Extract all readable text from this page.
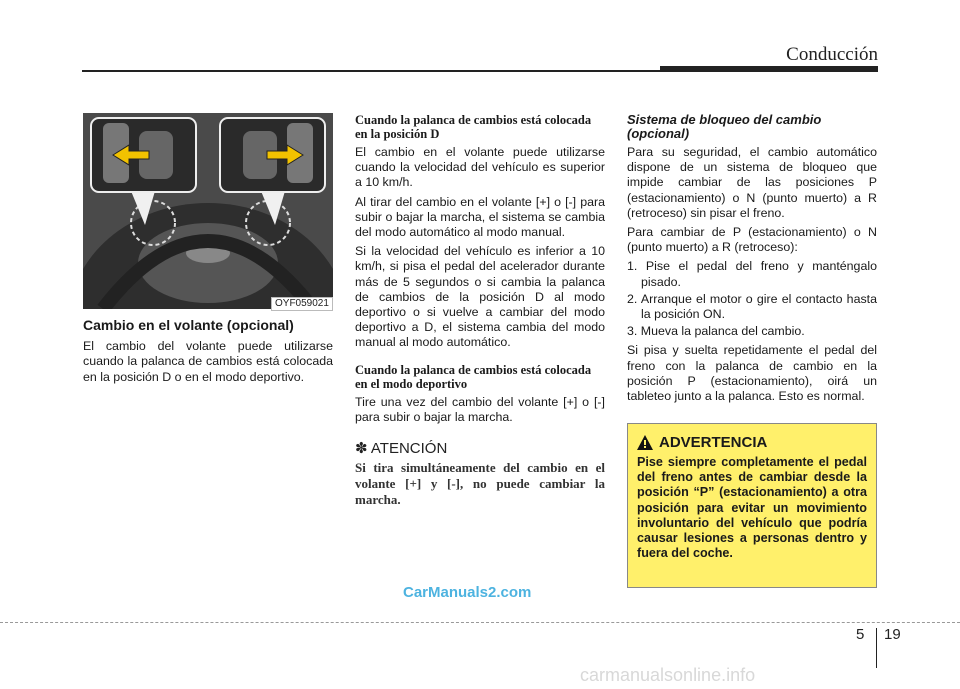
Conducción
OYF059021
Cambio en el volante (opcional)

El cambio del volante puede utilizarse cuando la palanca de cambios está colocada en la posición D o en el modo deportivo.

Cuando la palanca de cambios está colocada en la posición D

El cambio en el volante puede utilizarse cuando la velocidad del vehículo es superior a 10 km/h.

Al tirar del cambio en el volante [+] o [-] para subir o bajar la marcha, el sistema se cambia del modo automático al modo manual.

Si la velocidad del vehículo es inferior a 10 km/h, si pisa el pedal del acelerador durante más de 5 segundos o si cambia la palanca de cambios de la posición D al modo deportivo o si vuelve a cambiar del modo deportivo a D, el sistema cambia del modo manual al modo automático.

Cuando la palanca de cambios está colocada en el modo deportivo

Tire una vez del cambio del volante [+] o [-] para subir o bajar la marcha.

✽ ATENCIÓN

Si tira simultáneamente del cambio en el volante [+] y [-], no puede cambiar la marcha.

Sistema de bloqueo del cambio (opcional)

Para su seguridad, el cambio automático dispone de un sistema de bloqueo que impide cambiar de las posiciones P (estacionamiento) o N (punto muerto) a R (retroceso) sin pisar el freno.

Para cambiar de P (estacionamiento) o N (punto muerto) a R (retroceso):

1. Pise el pedal del freno y manténgalo pisado.
2. Arranque el motor o gire el contacto hasta la posición ON.
3. Mueva la palanca del cambio.

Si pisa y suelta repetidamente el pedal del freno con la palanca de cambio en la posición P (estacionamiento), oirá un tableteo junto a la palanca. Esto es normal.

ADVERTENCIA

Pise siempre completamente el pedal del freno antes de cambiar desde la posición “P” (estacionamiento) a otra posición para evitar un movimiento involuntario del vehículo que podría causar lesiones a personas dentro y fuera del coche.

CarManuals2.com
5 19
carmanualsonline.info
